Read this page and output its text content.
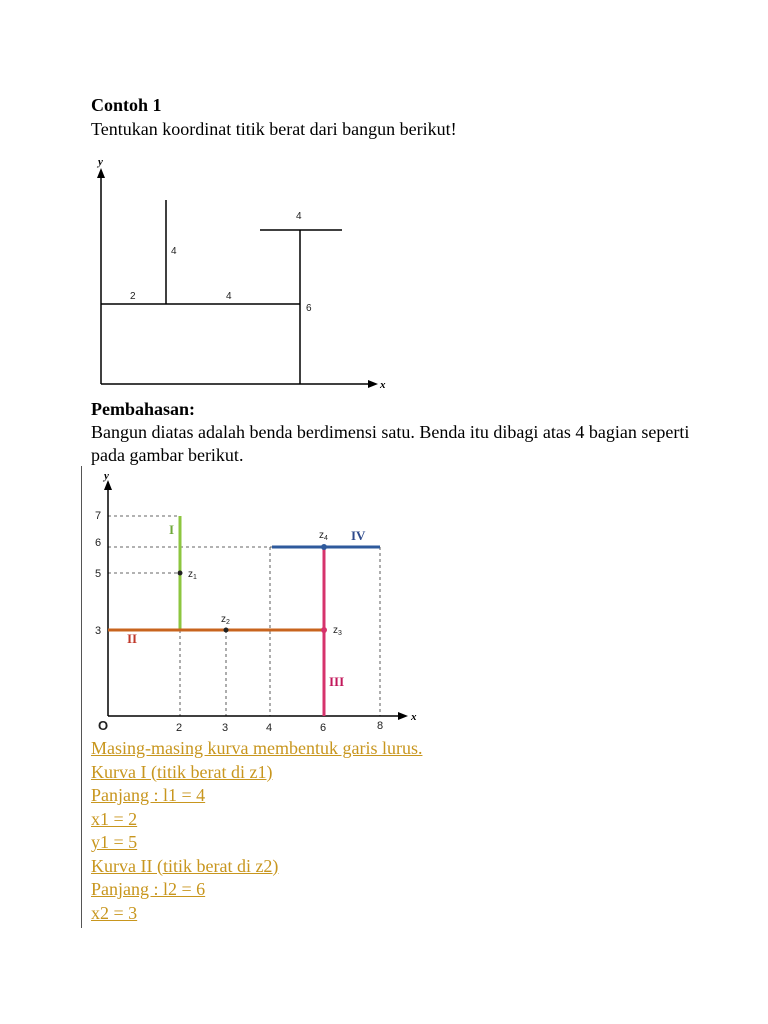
Contoh 1
Tentukan koordinat titik berat dari bangun berikut!
y
x
2
4
4
4
6
Pembahasan:
Bangun diatas adalah benda berdimensi satu. Benda itu dibagi atas 4 bagian seperti pada gambar berikut.
y
x
O
7
6
5
3
2	3	4	6	8
I
II
III
IV
$z_1$
$z_2$
$z_3$
$z_4$
Masing-masing kurva membentuk garis lurus.
Kurva I (titik berat di z1)
Panjang : l1 = 4
x1 = 2
y1 = 5
Kurva II (titik berat di z2)
Panjang : l2 = 6
x2 = 3
